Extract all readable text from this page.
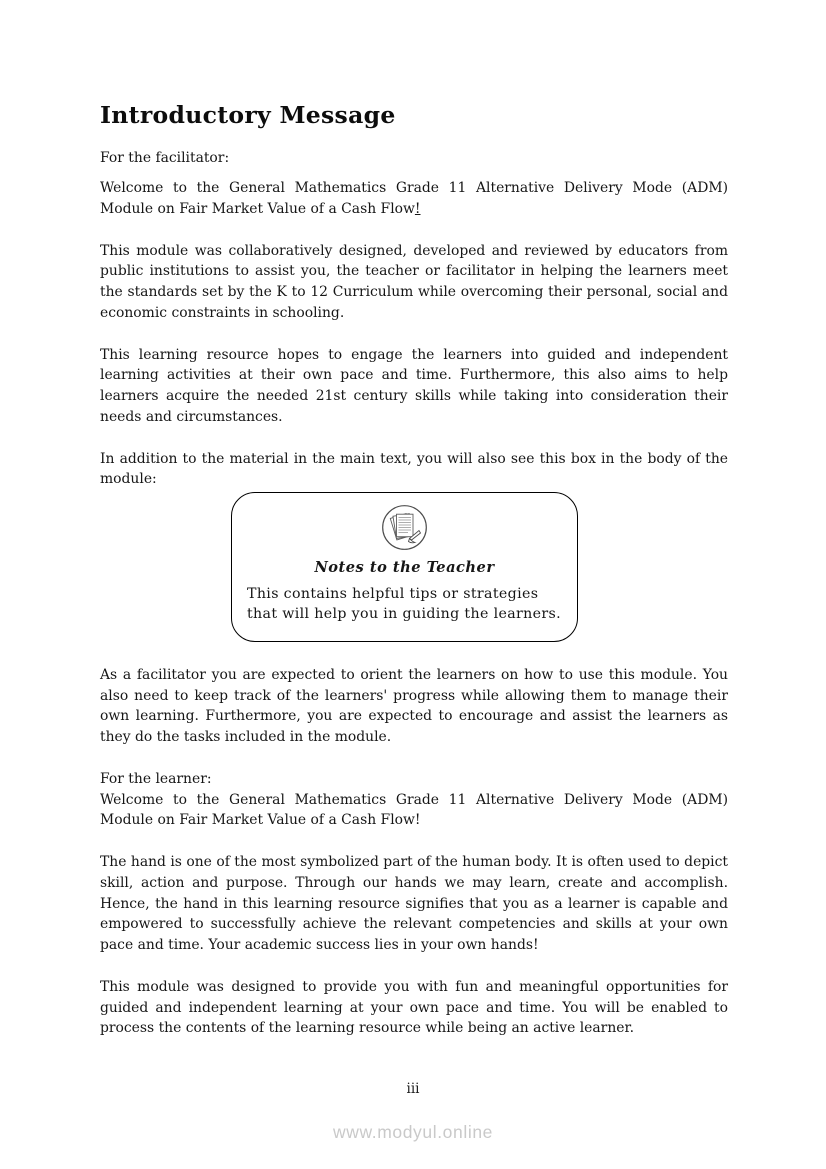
Introductory Message

For the facilitator:

Welcome to the General Mathematics Grade 11 Alternative Delivery Mode (ADM) Module on Fair Market Value of a Cash Flow!

This module was collaboratively designed, developed and reviewed by educators from public institutions to assist you, the teacher or facilitator in helping the learners meet the standards set by the K to 12 Curriculum while overcoming their personal, social and economic constraints in schooling.

This learning resource hopes to engage the learners into guided and independent learning activities at their own pace and time. Furthermore, this also aims to help learners acquire the needed 21st century skills while taking into consideration their needs and circumstances.

In addition to the material in the main text, you will also see this box in the body of the module:

Notes to the Teacher
This contains helpful tips or strategies that will help you in guiding the learners.

As a facilitator you are expected to orient the learners on how to use this module. You also need to keep track of the learners' progress while allowing them to manage their own learning. Furthermore, you are expected to encourage and assist the learners as they do the tasks included in the module.

For the learner:

Welcome to the General Mathematics Grade 11 Alternative Delivery Mode (ADM) Module on Fair Market Value of a Cash Flow!

The hand is one of the most symbolized part of the human body. It is often used to depict skill, action and purpose. Through our hands we may learn, create and accomplish. Hence, the hand in this learning resource signifies that you as a learner is capable and empowered to successfully achieve the relevant competencies and skills at your own pace and time. Your academic success lies in your own hands!

This module was designed to provide you with fun and meaningful opportunities for guided and independent learning at your own pace and time. You will be enabled to process the contents of the learning resource while being an active learner.

iii
www.modyul.online
